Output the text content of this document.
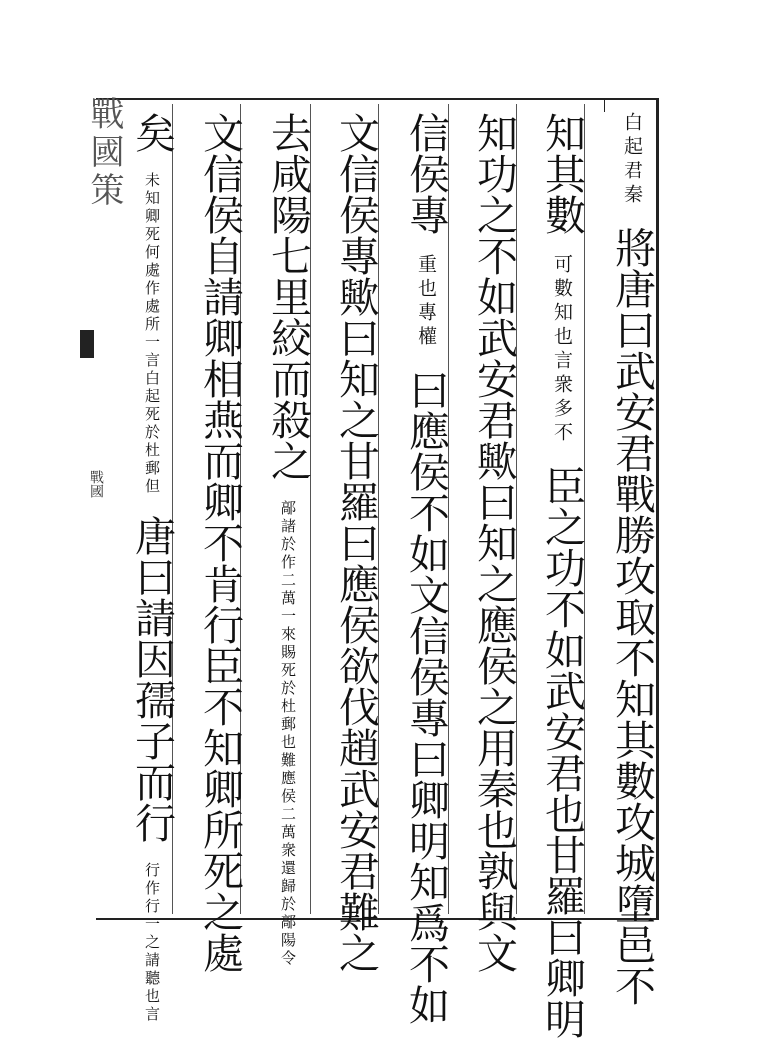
戰國策
戰國
君秦
白起
將唐曰武安君戰勝攻取不知其數攻城墮邑不
知其數
言衆多不
可數知也
臣之功不如武安君也甘羅曰卿明
知功之不如武安君歟曰知之應侯之用秦也孰與文
信侯專
專權
重也
曰應侯不如文信侯專曰卿明知爲不如
文信侯專歟曰知之甘羅曰應侯欲伐趙武安君難之
去咸陽七里絞而殺之
難應侯二萬衆還歸於鄗陽令
鄗諸於作二萬一來賜死於杜郵也
文信侯自請卿相燕而卿不肯行臣不知卿所死之處
矣
言白起死於杜郵但
未知卿死何處作處所一
唐曰請因孺子而行
請聽也言
行作行一之
